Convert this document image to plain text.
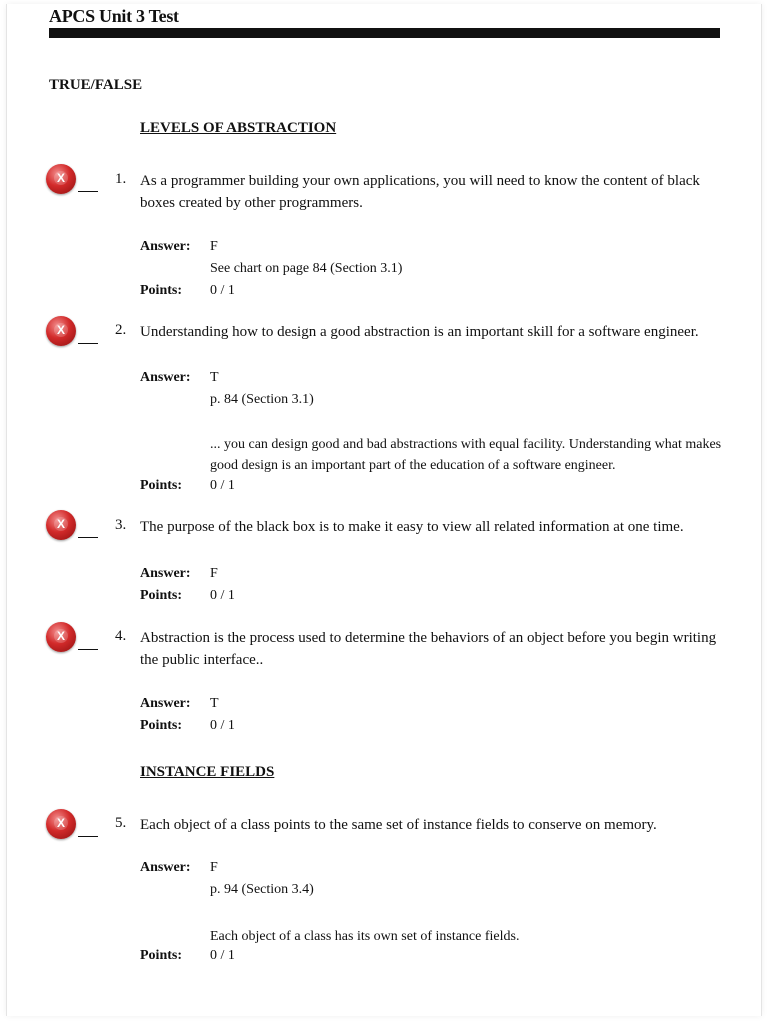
APCS Unit 3 Test
TRUE/FALSE
LEVELS OF ABSTRACTION
X	1. As a programmer building your own applications, you will need to know the content of black boxes created by other programmers.
Answer: F
See chart on page 84 (Section 3.1)
Points: 0 / 1
X	2. Understanding how to design a good abstraction is an important skill for a software engineer.
Answer: T
p. 84 (Section 3.1)
... you can design good and bad abstractions with equal facility. Understanding what makes good design is an important part of the education of a software engineer.
Points: 0 / 1
X	3. The purpose of the black box is to make it easy to view all related information at one time.
Answer: F
Points: 0 / 1
X	4. Abstraction is the process used to determine the behaviors of an object before you begin writing the public interface..
Answer: T
Points: 0 / 1
INSTANCE FIELDS
X	5. Each object of a class points to the same set of instance fields to conserve on memory.
Answer: F
p. 94 (Section 3.4)
Each object of a class has its own set of instance fields.
Points: 0 / 1
